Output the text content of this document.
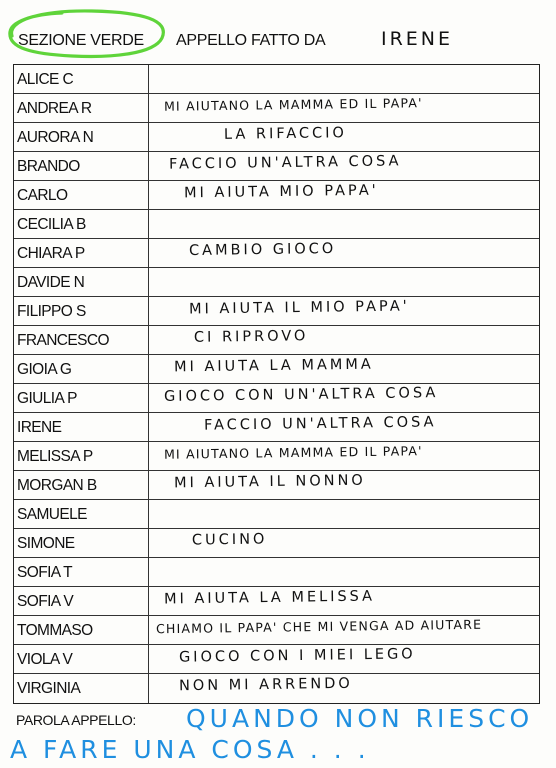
SEZIONE VERDE APPELLO FATTO DA	IRENE
ALICE C
ANDREA R	MI AIUTANO LA MAMMA ED IL PAPA'
AURORA N	LA RIFACCIO
BRANDO	FACCIO UN'ALTRA COSA
CARLO	MI AIUTA MIO PAPA'
CECILIA B
CHIARA P	CAMBIO GIOCO
DAVIDE N
FILIPPO S	MI AIUTA IL MIO PAPA'
FRANCESCO	CI RIPROVO
GIOIA G	MI AIUTA LA MAMMA
GIULIA P	GIOCO CON UN'ALTRA COSA
IRENE	FACCIO UN'ALTRA COSA
MELISSA P	MI AIUTANO LA MAMMA ED IL PAPA'
MORGAN B	MI AIUTA IL NONNO
SAMUELE
SIMONE	CUCINO
SOFIA T
SOFIA V	MI AIUTA LA MELISSA
TOMMASO	CHIAMO IL PAPA' CHE MI VENGA AD AIUTARE
VIOLA V	GIOCO CON I MIEI LEGO
VIRGINIA	NON MI ARRENDO
PAROLA APPELLO: QUANDO NON RIESCO
A FARE UNA COSA . . .
